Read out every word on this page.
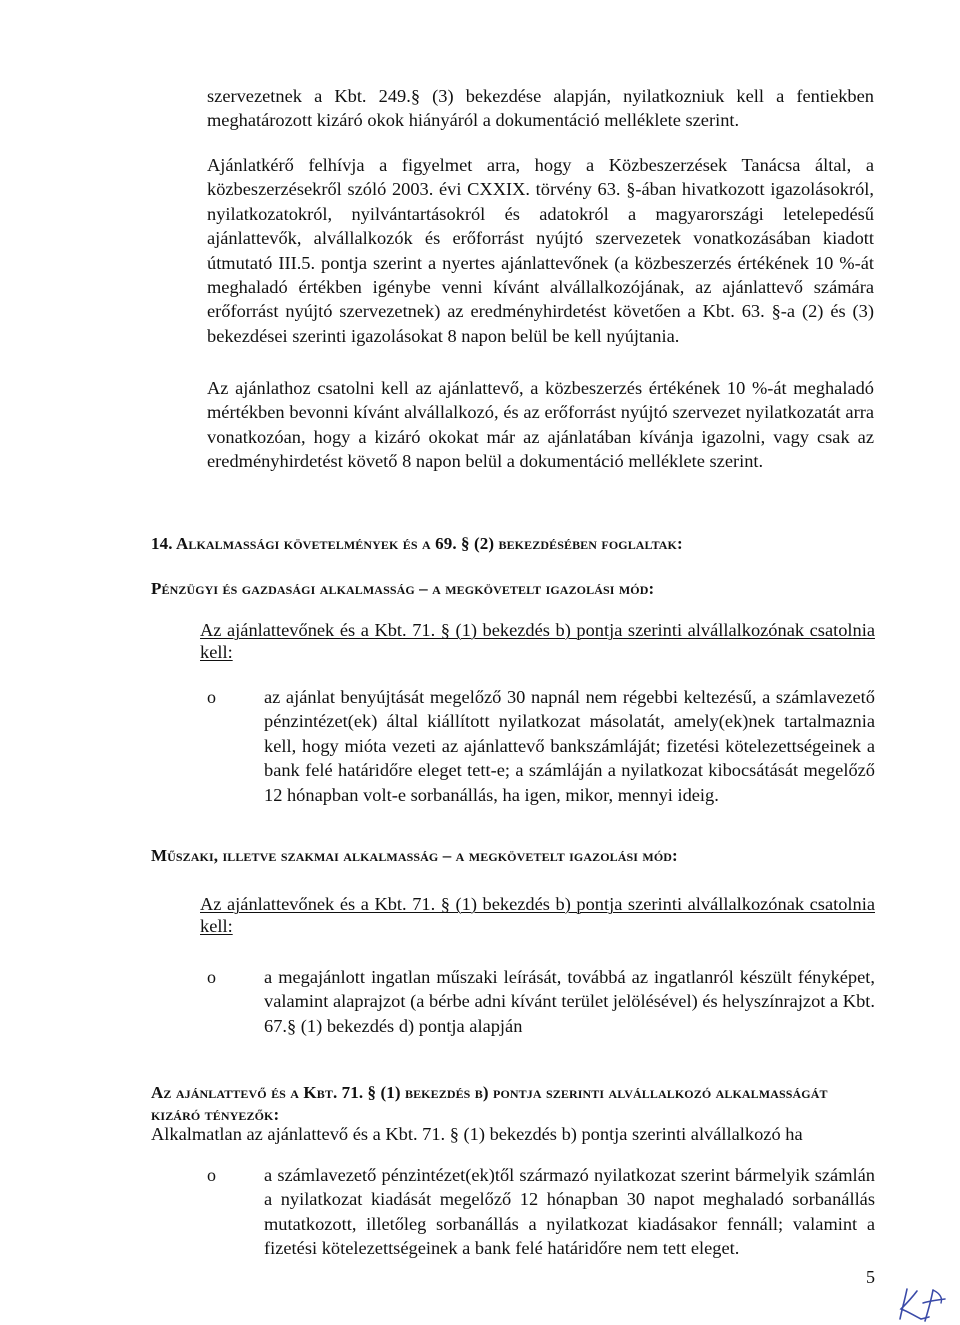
szervezetnek a Kbt. 249.§ (3) bekezdése alapján, nyilatkozniuk kell a fentiekben meghatározott kizáró okok hiányáról a dokumentáció melléklete szerint.

Ajánlatkérő felhívja a figyelmet arra, hogy a Közbeszerzések Tanácsa által, a közbeszerzésekről szóló 2003. évi CXXIX. törvény 63. §-ában hivatkozott igazolásokról, nyilatkozatokról, nyilvántartásokról és adatokról a magyarországi letelepedésű ajánlattevők, alvállalkozók és erőforrást nyújtó szervezetek vonatkozásában kiadott útmutató III.5. pontja szerint a nyertes ajánlattevőnek (a közbeszerzés értékének 10 %-át meghaladó értékben igénybe venni kívánt alvállalkozójának, az ajánlattevő számára erőforrást nyújtó szervezetnek) az eredményhirdetést követően a Kbt. 63. §-a (2) és (3) bekezdései szerinti igazolásokat 8 napon belül be kell nyújtania.

Az ajánlathoz csatolni kell az ajánlattevő, a közbeszerzés értékének 10 %-át meghaladó mértékben bevonni kívánt alvállalkozó, és az erőforrást nyújtó szervezet nyilatkozatát arra vonatkozóan, hogy a kizáró okokat már az ajánlatában kívánja igazolni, vagy csak az eredményhirdetést követő 8 napon belül a dokumentáció melléklete szerint.

14. Alkalmassági követelmények és a 69. § (2) bekezdésében foglaltak:
Pénzügyi és gazdasági alkalmasság – a megkövetelt igazolási mód:

Az ajánlattevőnek és a Kbt. 71. § (1) bekezdés b) pontja szerinti alvállalkozónak csatolnia kell:

o	az ajánlat benyújtását megelőző 30 napnál nem régebbi keltezésű, a számlavezető pénzintézet(ek) által kiállított nyilatkozat másolatát, amely(ek)nek tartalmaznia kell, hogy mióta vezeti az ajánlattevő bankszámláját; fizetési kötelezettségeinek a bank felé határidőre eleget tett-e; a számláján a nyilatkozat kibocsátását megelőző 12 hónapban volt-e sorbanállás, ha igen, mikor, mennyi ideig.

Műszaki, illetve szakmai alkalmasság – a megkövetelt igazolási mód:

Az ajánlattevőnek és a Kbt. 71. § (1) bekezdés b) pontja szerinti alvállalkozónak csatolnia kell:

o	a megajánlott ingatlan műszaki leírását, továbbá az ingatlanról készült fényképet, valamint alaprajzot (a bérbe adni kívánt terület jelölésével) és helyszínrajzot a Kbt. 67.§ (1) bekezdés d) pontja alapján

Az ajánlattevő és a Kbt. 71. § (1) bekezdés b) pontja szerinti alvállalkozó alkalmasságát kizáró tényezők:

Alkalmatlan az ajánlattevő és a Kbt. 71. § (1) bekezdés b) pontja szerinti alvállalkozó ha

o	a számlavezető pénzintézet(ek)től származó nyilatkozat szerint bármelyik számlán a nyilatkozat kiadását megelőző 12 hónapban 30 napot meghaladó sorbanállás mutatkozott, illetőleg sorbanállás a nyilatkozat kiadásakor fennáll; valamint a fizetési kötelezettségeinek a bank felé határidőre nem tett eleget.

5
